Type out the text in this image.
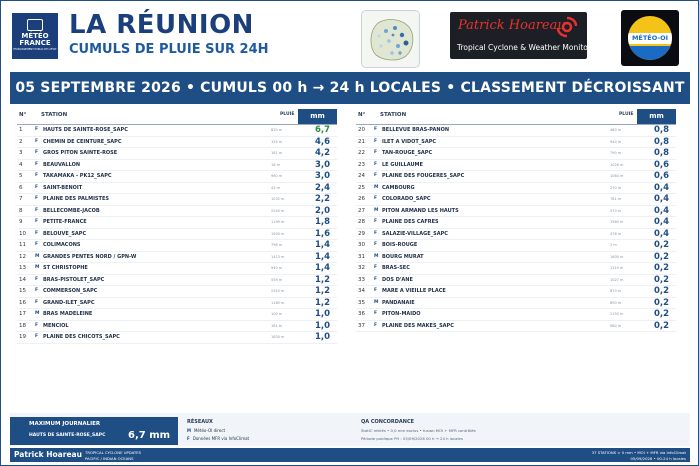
MÉTÉO
FRANCE
ÉTABLISSEMENT PUBLIC DE L'ÉTAT
LA RÉUNION
CUMULS DE PLUIE SUR 24H
Patrick Hoareau
Tropical Cyclone & Weather Monitoring
MÉTÉO-OI
05 SEPTEMBRE 2026 • CUMULS 00 h → 24 h LOCALES • CLASSEMENT DÉCROISSANT
N°	STATION	PLUIE	mm
1	F HAUTS DE SAINTE-ROSE_SAPC	820 m	6,7
2	F CHEMIN DE CEINTURE_SAPC	155 m	4,6
3	F GROS PITON SAINTE-ROSE	181 m	4,2
4	F BEAUVALLON	16 m	3,0
5	F TAKAMAKA - PK12_SAPC	960 m	3,0
6	F SAINT-BENOIT	43 m	2,4
7	F PLAINE DES PALMISTES	1032 m	2,2
8	F BELLECOMBE-JACOB	2240 m	2,0
9	F PETITE-FRANCE	1199 m	1,8
10 F BELOUVE_SAPC	1500 m	1,6
11 F COLIMACONS	798 m	1,4
12 M GRANDES PENTES NORD / GPN-W	1413 m	1,4
13 M ST CHRISTOPHE	940 m	1,4
14 F BRAS-PISTOLET_SAPC	556 m	1,2
15 F COMMERSON_SAPC	2310 m	1,2
16 F GRAND-ILET_SAPC	1180 m	1,2
17 M BRAS MADELEINE	100 m	1,0
18 F MENCIOL	181 m	1,0
19 F PLAINE DES CHICOTS_SAPC	1834 m	1,0
N°	STATION	PLUIE	mm
20 F BELLEVUE BRAS-PANON	480 m	0,8
21 F ILET A VIDOT_SAPC	940 m	0,8
22 F TAN-ROUGE_SAPC	790 m	0,8
23 F LE GUILLAUME	1026 m	0,6
24 F PLAINE DES FOUGERES_SAPC	1064 m	0,6
25 M CAMBOURG	270 m	0,4
26 F COLORADO_SAPC	781 m	0,4
27 M PITON ARMAND LES HAUTS	570 m	0,4
28 F PLAINE DES CAFRES	1560 m	0,4
29 F SALAZIE-VILLAGE_SAPC	476 m	0,4
30 F BOIS-ROUGE	3 m	0,2
31 M BOURG MURAT	1600 m	0,2
32 F BRAS-SEC	1210 m	0,2
33 F DOS D'ANE	1027 m	0,2
34 F MARE A VIEILLE PLACE	870 m	0,2
35 M PANDANAIE	890 m	0,2
36 F PITON-MAIDO	2150 m	0,2
37 F PLAINE DES MAKES_SAPC	980 m	0,2
MAXIMUM JOURNALIER
HAUTS DE SAINTE-ROSE_SAPC 6,7 mm
RÉSEAUX
M Météo-OI direct
F Données MFR via InfoClimat
QA CONCORDANCE
StatIC retirés • 0,0 mm exclus • fusion MOI + MFR contrôlée
Période publique PH : 05/09/2026 00 h → 24 h locales
Patrick Hoareau TROPICAL CYCLONE UPDATES
PACIFIC / INDIAN OCEANS
37 STATIONS > 0 mm • MOI + MFR via InfoClimat
05/09/2026 • 00-24 h locales
